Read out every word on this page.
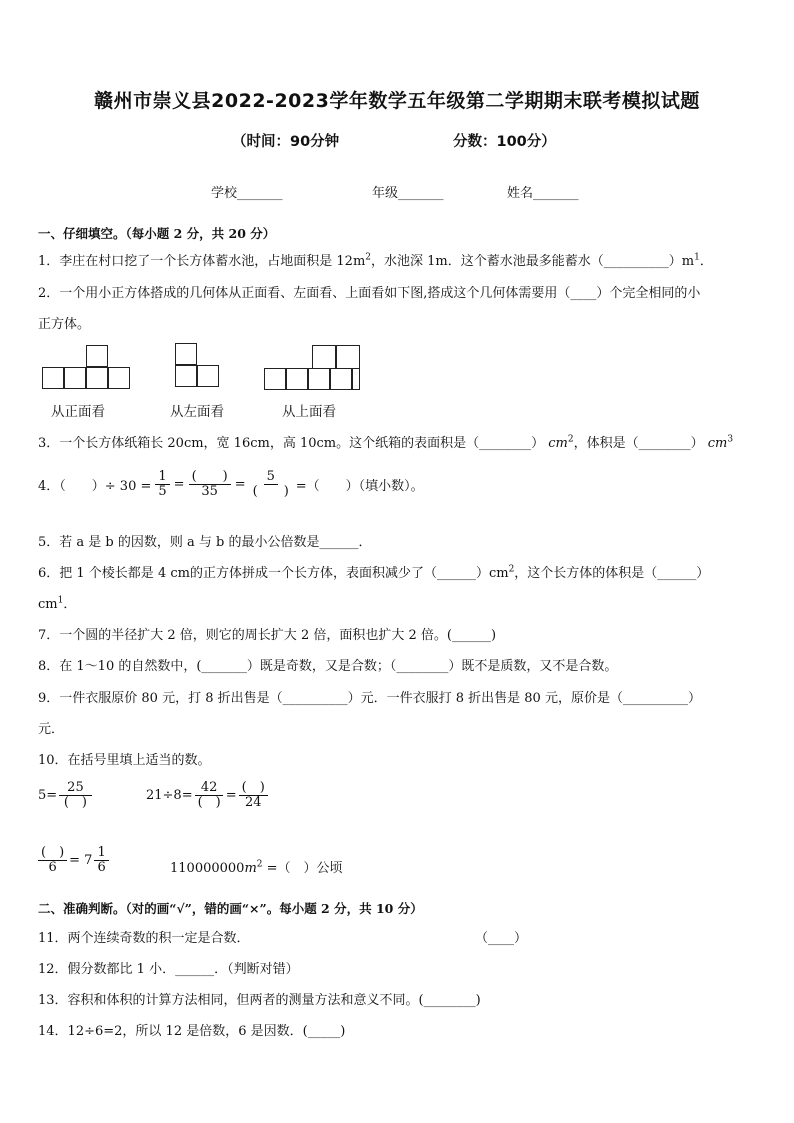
赣州市崇义县2022-2023学年数学五年级第二学期期末联考模拟试题
（时间：90分钟	分数：100分）
学校_______	年级_______	姓名_______
一、仔细填空。（每小题 2 分，共 20 分）
1．李庄在村口挖了一个长方体蓄水池，占地面积是 $12m^2$，水池深 1m．这个蓄水池最多能蓄水$(\_\_\_\_\_\_\_\_\_\_)m^1$．
2．一个用小正方体搭成的几何体从正面看、左面看、上面看如下图,搭成这个几何体需要用（____）个完全相同的小
正方体。
从正面看	从左面看	从上面看
3．一个长方体纸箱长 20cm，宽 16cm，高 10cm。这个纸箱的表面积是（________） $cm^2$，体积是（________） $cm^3$
4．（　　）÷ $30 = \frac{1}{5} = \frac{( )}{35} = \frac{5}{( )}$ =（　　）（填小数）。
5．若 a 是 b 的因数，则 a 与 b 的最小公倍数是______．
6．把 1 个棱长都是 4 cm的正方体拼成一个长方体，表面积减少了$(\_\_\_\_\_\_)cm^2$，这个长方体的体积是（______）
$cm^1$．
7．一个圆的半径扩大 2 倍，则它的周长扩大 2 倍，面积也扩大 2 倍。(______)
8．在 1～10 的自然数中，(_______）既是奇数，又是合数；（________）既不是质数，又不是合数。
9．一件衣服原价 80 元，打 8 折出售是（__________）元．一件衣服打 8 折出售是 80 元，原价是（__________）
元．
10．在括号里填上适当的数。
$5= \frac{25}{( )}$	$21\div 8= \frac{42}{( )} = \frac{( )}{24}$
$\frac{( )}{6} = 7 \frac{1}{6}$	$110000000m^2$ =（　）公顷
二、准确判断。（对的画“√”，错的画“×”。每小题 2 分，共 10 分）
11．两个连续奇数的积一定是合数．	（____）
12．假分数都比 1 小．______．（判断对错）
13．容积和体积的计算方法相同，但两者的测量方法和意义不同。(________)
14．12÷6=2，所以 12 是倍数，6 是因数．(_____)
